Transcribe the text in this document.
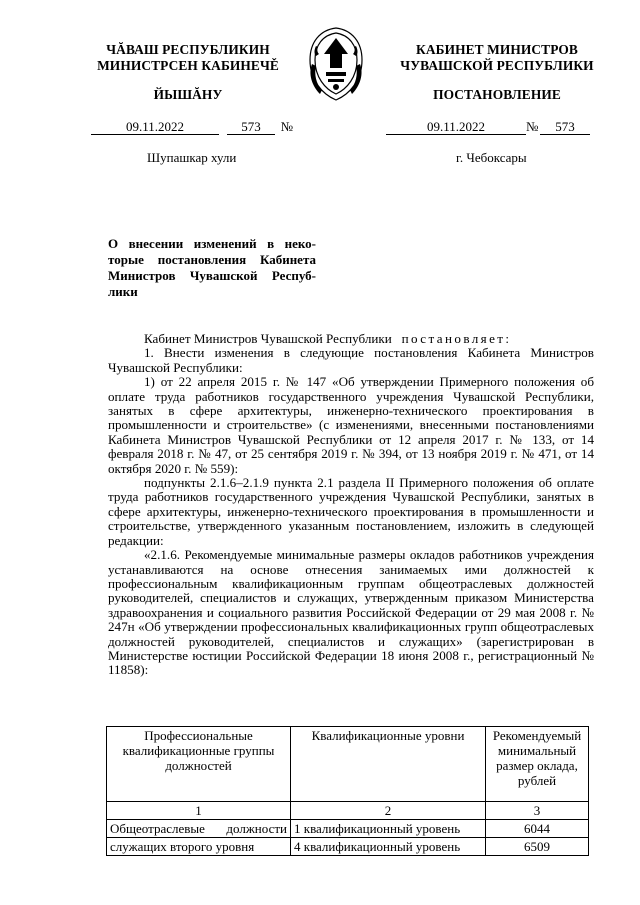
ЧĂВАШ РЕСПУБЛИКИН
МИНИСТРСЕН КАБИНЕЧĚ
ЙЫШĂНУ
КАБИНЕТ МИНИСТРОВ
ЧУВАШСКОЙ РЕСПУБЛИКИ
ПОСТАНОВЛЕНИЕ
09.11.2022	573 №	09.11.2022	№ 573
Шупашкар хули	г. Чебоксары
О внесении изменений в неко-
торые постановления Кабинета
Министров Чувашской Респуб-
лики

Кабинет Министров Чувашской Республики постановляет:

1. Внести изменения в следующие постановления Кабинета Министров Чувашской Республики:

1) от 22 апреля 2015 г. № 147 «Об утверждении Примерного положения об оплате труда работников государственного учреждения Чувашской Республики, занятых в сфере архитектуры, инженерно-технического проектирования в промышленности и строительстве» (с изменениями, внесенными постановлениями Кабинета Министров Чувашской Республики от 12 апреля 2017 г. № 133, от 14 февраля 2018 г. № 47, от 25 сентября 2019 г. № 394, от 13 ноября 2019 г. № 471, от 14 октября 2020 г. № 559):

подпункты 2.1.6–2.1.9 пункта 2.1 раздела II Примерного положения об оплате труда работников государственного учреждения Чувашской Республики, занятых в сфере архитектуры, инженерно-технического проектирования в промышленности и строительстве, утвержденного указанным постановлением, изложить в следующей редакции:

«2.1.6. Рекомендуемые минимальные размеры окладов работников учреждения устанавливаются на основе отнесения занимаемых ими должностей к профессиональным квалификационным группам общеотраслевых должностей руководителей, специалистов и служащих, утвержденным приказом Министерства здравоохранения и социального развития Российской Федерации от 29 мая 2008 г. № 247н «Об утверждении профессиональных квалификационных групп общеотраслевых должностей руководителей, специалистов и служащих» (зарегистрирован в Министерстве юстиции Российской Федерации 18 июня 2008 г., регистрационный № 11858):

Профессиональные квалификационные группы должностей	Квалификационные уровни	Рекомендуемый минимальный размер оклада, рублей
1	2	3
Общеотраслевые должности	1 квалификационный уровень	6044
служащих второго уровня	4 квалификационный уровень	6509
